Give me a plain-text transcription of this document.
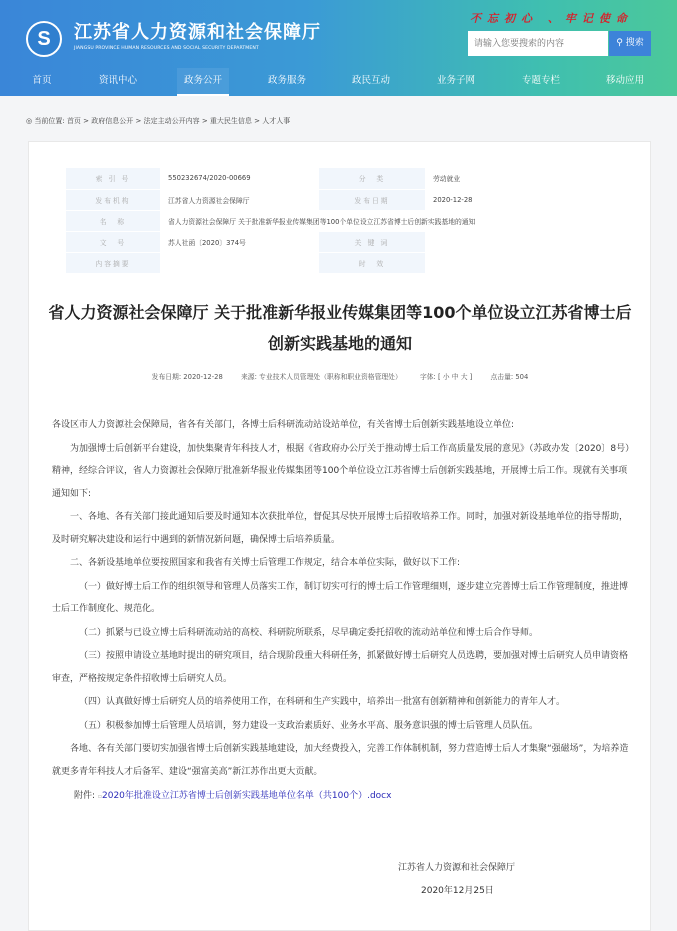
S	江苏省人力资源和社会保障厅
JIANGSU PROVINCE HUMAN RESOURCES AND SOCIAL SECURITY DEPARTMENT
不忘初心 、牢记使命
请输入您要搜索的内容
⚲ 搜索
首页	资讯中心	政务公开	政务服务	政民互动	业务子网	专题专栏	移动应用
◎ 当前位置: 首页 > 政府信息公开 > 法定主动公开内容 > 重大民生信息 > 人才人事
索 引 号	550232674/2020-00669	分　类	劳动就业
发布机构	江苏省人力资源社会保障厅	发布日期	2020-12-28
名　称	省人力资源社会保障厅 关于批准新华报业传媒集团等100个单位设立江苏省博士后创新实践基地的通知		
文　号	苏人社函〔2020〕374号	关 键 词	
内容摘要		时　效	
省人力资源社会保障厅 关于批准新华报业传媒集团等100个单位设立江苏省博士后
创新实践基地的通知
发布日期: 2020-12-28	来源: 专业技术人员管理处（职称和职业资格管理处）	字体: [ 小 中 大 ]	点击量: 504

各设区市人力资源社会保障局，省各有关部门，各博士后科研流动站设站单位，有关省博士后创新实践基地设立单位:

为加强博士后创新平台建设，加快集聚青年科技人才，根据《省政府办公厅关于推动博士后工作高质量发展的意见》（苏政办发〔2020〕8号）精神，经综合评议，省人力资源社会保障厅批准新华报业传媒集团等100个单位设立江苏省博士后创新实践基地，开展博士后工作。现就有关事项通知如下:

一、各地、各有关部门接此通知后要及时通知本次获批单位，督促其尽快开展博士后招收培养工作。同时，加强对新设基地单位的指导帮助，及时研究解决建设和运行中遇到的新情况新问题，确保博士后培养质量。

二、各新设基地单位要按照国家和我省有关博士后管理工作规定，结合本单位实际，做好以下工作:

（一）做好博士后工作的组织领导和管理人员落实工作，制订切实可行的博士后工作管理细则，逐步建立完善博士后工作管理制度，推进博士后工作制度化、规范化。

（二）抓紧与已设立博士后科研流动站的高校、科研院所联系，尽早确定委托招收的流动站单位和博士后合作导师。

（三）按照申请设立基地时提出的研究项目，结合现阶段重大科研任务，抓紧做好博士后研究人员选聘，要加强对博士后研究人员申请资格审查，严格按规定条件招收博士后研究人员。

（四）认真做好博士后研究人员的培养使用工作，在科研和生产实践中，培养出一批富有创新精神和创新能力的青年人才。

（五）积极参加博士后管理人员培训，努力建设一支政治素质好、业务水平高、服务意识强的博士后管理人员队伍。

各地、各有关部门要切实加强省博士后创新实践基地建设，加大经费投入，完善工作体制机制，努力营造博士后人才集聚“强磁场”，为培养造就更多青年科技人才后备军、建设“强富美高”新江苏作出更大贡献。

附件: ▫2020年批准设立江苏省博士后创新实践基地单位名单（共100个）.docx
江苏省人力资源和社会保障厅
2020年12月25日
